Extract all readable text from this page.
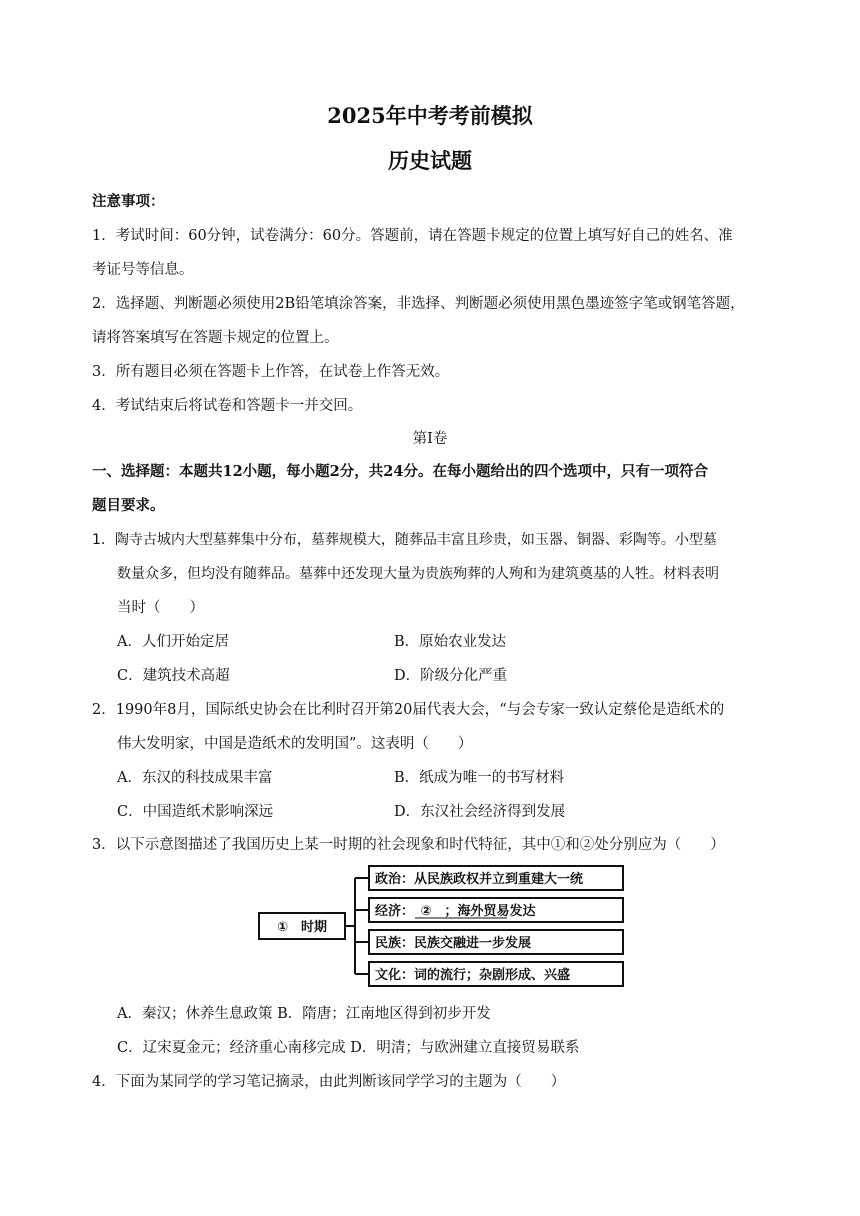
2025年中考考前模拟
历史试题
注意事项：
1．考试时间：60分钟，试卷满分：60分。答题前，请在答题卡规定的位置上填写好自己的姓名、准
考证号等信息。
2．选择题、判断题必须使用2B铅笔填涂答案，非选择、判断题必须使用黑色墨迹签字笔或钢笔答题，
请将答案填写在答题卡规定的位置上。
3．所有题目必须在答题卡上作答，在试卷上作答无效。
4．考试结束后将试卷和答题卡一并交回。
第Ⅰ卷
一、选择题：本题共12小题，每小题2分，共24分。在每小题给出的四个选项中，只有一项符合
题目要求。
1．陶寺古城内大型墓葬集中分布，墓葬规模大，随葬品丰富且珍贵，如玉器、铜器、彩陶等。小型墓
数量众多，但均没有随葬品。墓葬中还发现大量为贵族殉葬的人殉和为建筑奠基的人牲。材料表明
当时（　　）
A．人们开始定居	B．原始农业发达
C．建筑技术高超	D．阶级分化严重
2．1990年8月，国际纸史协会在比利时召开第20届代表大会，“与会专家一致认定蔡伦是造纸术的
伟大发明家，中国是造纸术的发明国”。这表明（　　）
A．东汉的科技成果丰富	B．纸成为唯一的书写材料
C．中国造纸术影响深远	D．东汉社会经济得到发展
3．以下示意图描述了我国历史上某一时期的社会现象和时代特征，其中①和②处分别应为（　　）
①　时期
政治：从民族政权并立到重建大一统
经济：　②　；海外贸易发达
民族：民族交融进一步发展
文化：词的流行；杂剧形成、兴盛
A．秦汉；休养生息政策 B．隋唐；江南地区得到初步开发
C．辽宋夏金元；经济重心南移完成 D．明清；与欧洲建立直接贸易联系
4．下面为某同学的学习笔记摘录，由此判断该同学学习的主题为（　　）
